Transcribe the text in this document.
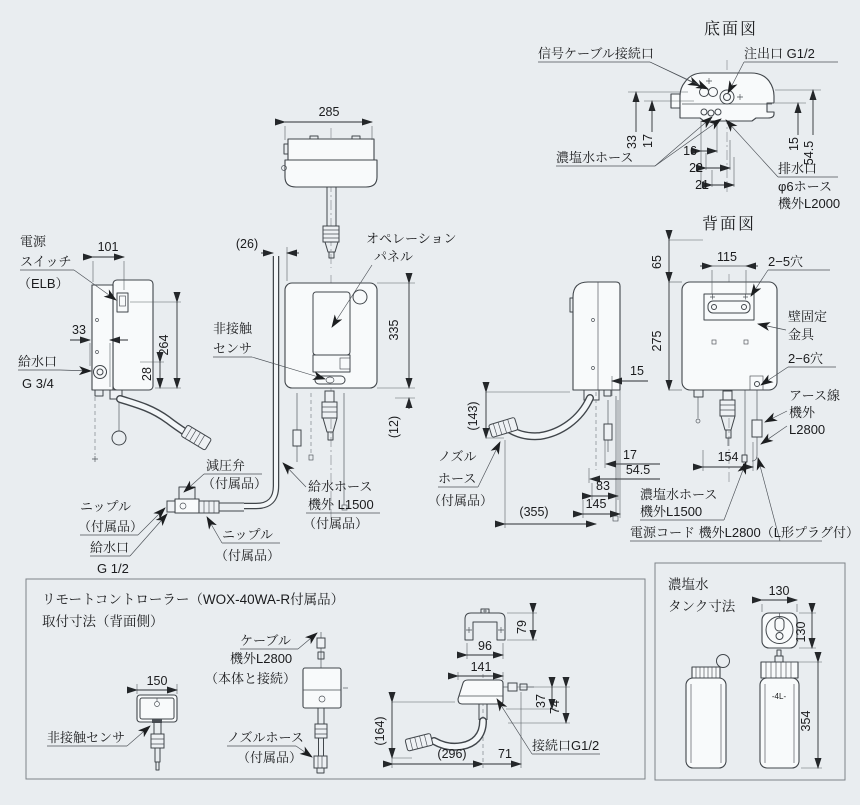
底面図
33 17	15 54.5
16
22
21
信号ケーブル接続口	注出口 G1/2
濃塩水ホース
排水口
φ6ホース
機外L2000
背面図
65
275
115
154
2−5穴
壁固定
金具
2−6穴
アース線
機外
L2800
濃塩水ホース
機外L1500
電源コード 機外L2800（L形プラグ付）
101
33
264
28
電源
スイッチ
（ELB）
給水口
G 3/4
285
(26)
335
(12)
オペレーション
パネル
非接触
センサ
減圧弁
（付属品）
ニップル
（付属品）
給水口
G 1/2
ニップル
（付属品）
給水ホース
機外 L1500
（付属品）
15
(143)
17
54.5
83
145
(355)
ノズル
ホース
（付属品）
リモートコントローラー（WOX-40WA-R付属品）
取付寸法（背面側）
150
非接触センサ
ケーブル
機外L2800
（本体と接続）
ノズルホース
（付属品）
79
96
141
37 74
(164)
(296)	71
接続口G1/2
濃塩水
タンク寸法
130
130
-4L-
354
